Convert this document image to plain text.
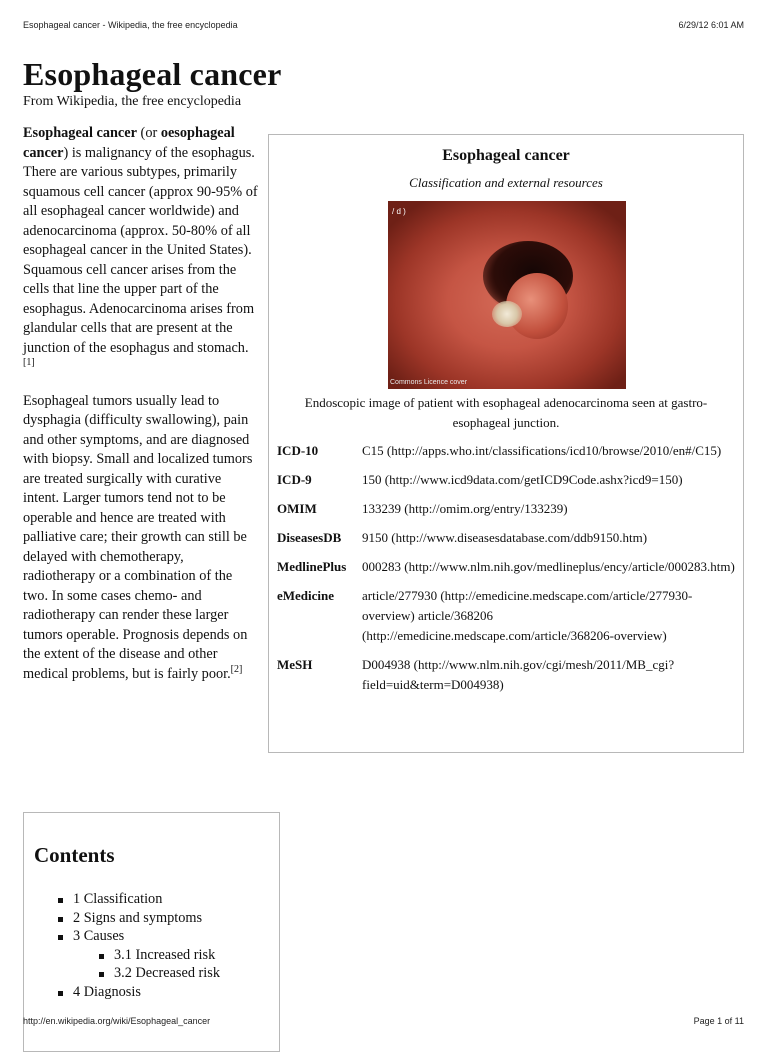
Esophageal cancer - Wikipedia, the free encyclopedia	6/29/12 6:01 AM
Esophageal cancer
From Wikipedia, the free encyclopedia

Esophageal cancer (or oesophageal cancer) is malignancy of the esophagus. There are various subtypes, primarily squamous cell cancer (approx 90-95% of all esophageal cancer worldwide) and adenocarcinoma (approx. 50-80% of all esophageal cancer in the United States). Squamous cell cancer arises from the cells that line the upper part of the esophagus. Adenocarcinoma arises from glandular cells that are present at the junction of the esophagus and stomach.[1]

Esophageal tumors usually lead to dysphagia (difficulty swallowing), pain and other symptoms, and are diagnosed with biopsy. Small and localized tumors are treated surgically with curative intent. Larger tumors tend not to be operable and hence are treated with palliative care; their growth can still be delayed with chemotherapy, radiotherapy or a combination of the two. In some cases chemo- and radiotherapy can render these larger tumors operable. Prognosis depends on the extent of the disease and other medical problems, but is fairly poor.[2]

Esophageal cancer
Classification and external resources
/ d )
Commons Licence cover
Endoscopic image of patient with esophageal adenocarcinoma seen at gastro-esophageal junction.
ICD-10	C15 (http://apps.who.int/classifications/icd10/browse/2010/en#/C15)
ICD-9	150 (http://www.icd9data.com/getICD9Code.ashx?icd9=150)
OMIM	133239 (http://omim.org/entry/133239)
DiseasesDB	9150 (http://www.diseasesdatabase.com/ddb9150.htm)
MedlinePlus	000283 (http://www.nlm.nih.gov/medlineplus/ency/article/000283.htm)
eMedicine	article/277930 (http://emedicine.medscape.com/article/277930-overview) article/368206 (http://emedicine.medscape.com/article/368206-overview)
MeSH	D004938 (http://www.nlm.nih.gov/cgi/mesh/2011/MB_cgi?field=uid&term=D004938)
Contents
1 Classification
2 Signs and symptoms
3 Causes
3.1 Increased risk
3.2 Decreased risk
4 Diagnosis
http://en.wikipedia.org/wiki/Esophageal_cancer	Page 1 of 11
